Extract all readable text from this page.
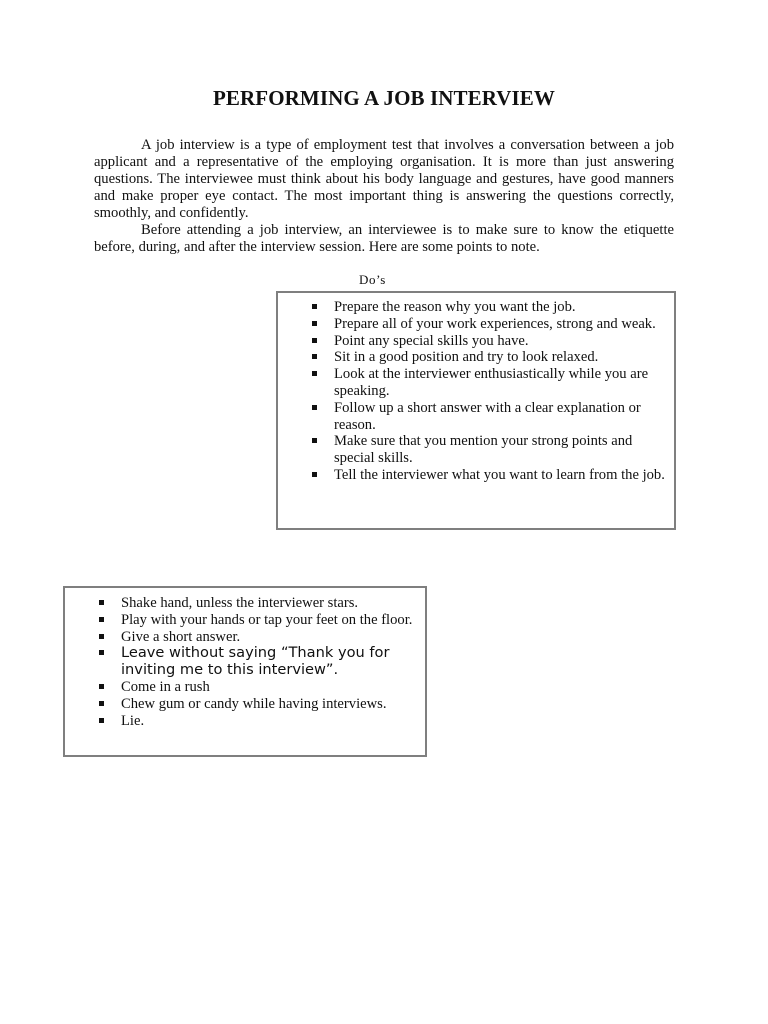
PERFORMING A JOB INTERVIEW

A job interview is a type of employment test that involves a conversation between a job applicant and a representative of the employing organisation. It is more than just answering questions. The interviewee must think about his body language and gestures, have good manners and make proper eye contact. The most important thing is answering the questions correctly, smoothly, and confidently.

Before attending a job interview, an interviewee is to make sure to know the etiquette before, during, and after the interview session. Here are some points to note.

Do’s
Prepare the reason why you want the job.
Prepare all of your work experiences, strong and weak.
Point any special skills you have.
Sit in a good position and try to look relaxed.
Look at the interviewer enthusiastically while you are speaking.
Follow up a short answer with a clear explanation or reason.
Make sure that you mention your strong points and special skills.
Tell the interviewer what you want to learn from the job.
Shake hand, unless the interviewer stars.
Play with your hands or tap your feet on the floor.
Give a short answer.
Leave without saying “Thank you for inviting me to this interview”.
Come in a rush
Chew gum or candy while having interviews.
Lie.
